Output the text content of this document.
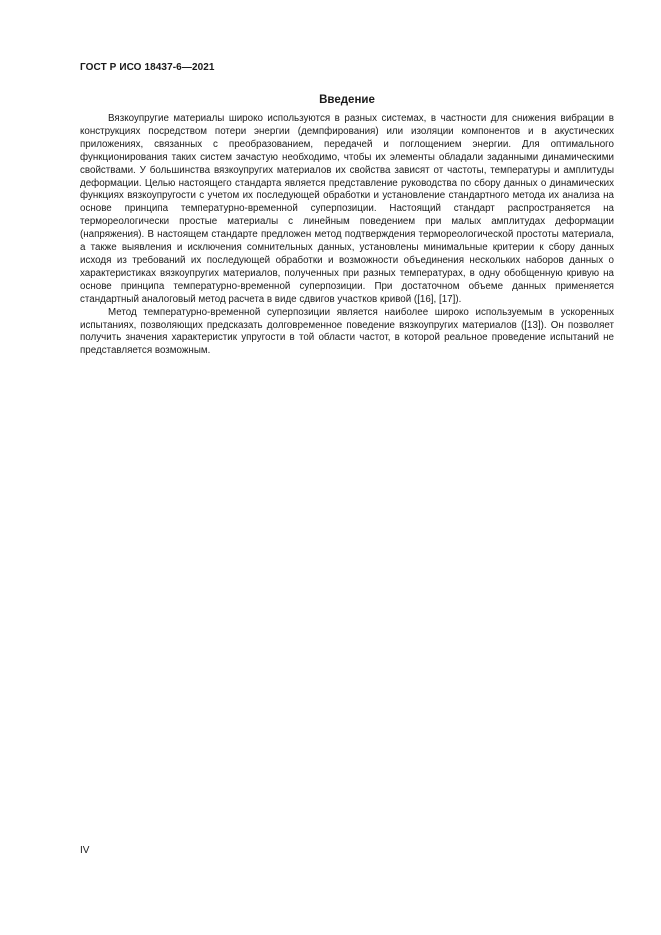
ГОСТ Р ИСО 18437-6—2021
Введение

Вязкоупругие материалы широко используются в разных системах, в частности для снижения вибрации в конструкциях посредством потери энергии (демпфирования) или изоляции компонентов и в акустических приложениях, связанных с преобразованием, передачей и поглощением энергии. Для оптимального функционирования таких систем зачастую необходимо, чтобы их элементы обладали заданными динамическими свойствами. У большинства вязкоупругих материалов их свойства зависят от частоты, температуры и амплитуды деформации. Целью настоящего стандарта является представление руководства по сбору данных о динамических функциях вязкоупругости с учетом их последующей обработки и установление стандартного метода их анализа на основе принципа температурно-временной суперпозиции. Настоящий стандарт распространяется на термореологически простые материалы с линейным поведением при малых амплитудах деформации (напряжения). В настоящем стандарте предложен метод подтверждения термореологической простоты материала, а также выявления и исключения сомнительных данных, установлены минимальные критерии к сбору данных исходя из требований их последующей обработки и возможности объединения нескольких наборов данных о характеристиках вязкоупругих материалов, полученных при разных температурах, в одну обобщенную кривую на основе принципа температурно-временной суперпозиции. При достаточном объеме данных применяется стандартный аналоговый метод расчета в виде сдвигов участков кривой ([16], [17]).

Метод температурно-временной суперпозиции является наиболее широко используемым в ускоренных испытаниях, позволяющих предсказать долговременное поведение вязкоупругих материалов ([13]). Он позволяет получить значения характеристик упругости в той области частот, в которой реальное проведение испытаний не представляется возможным.

IV
